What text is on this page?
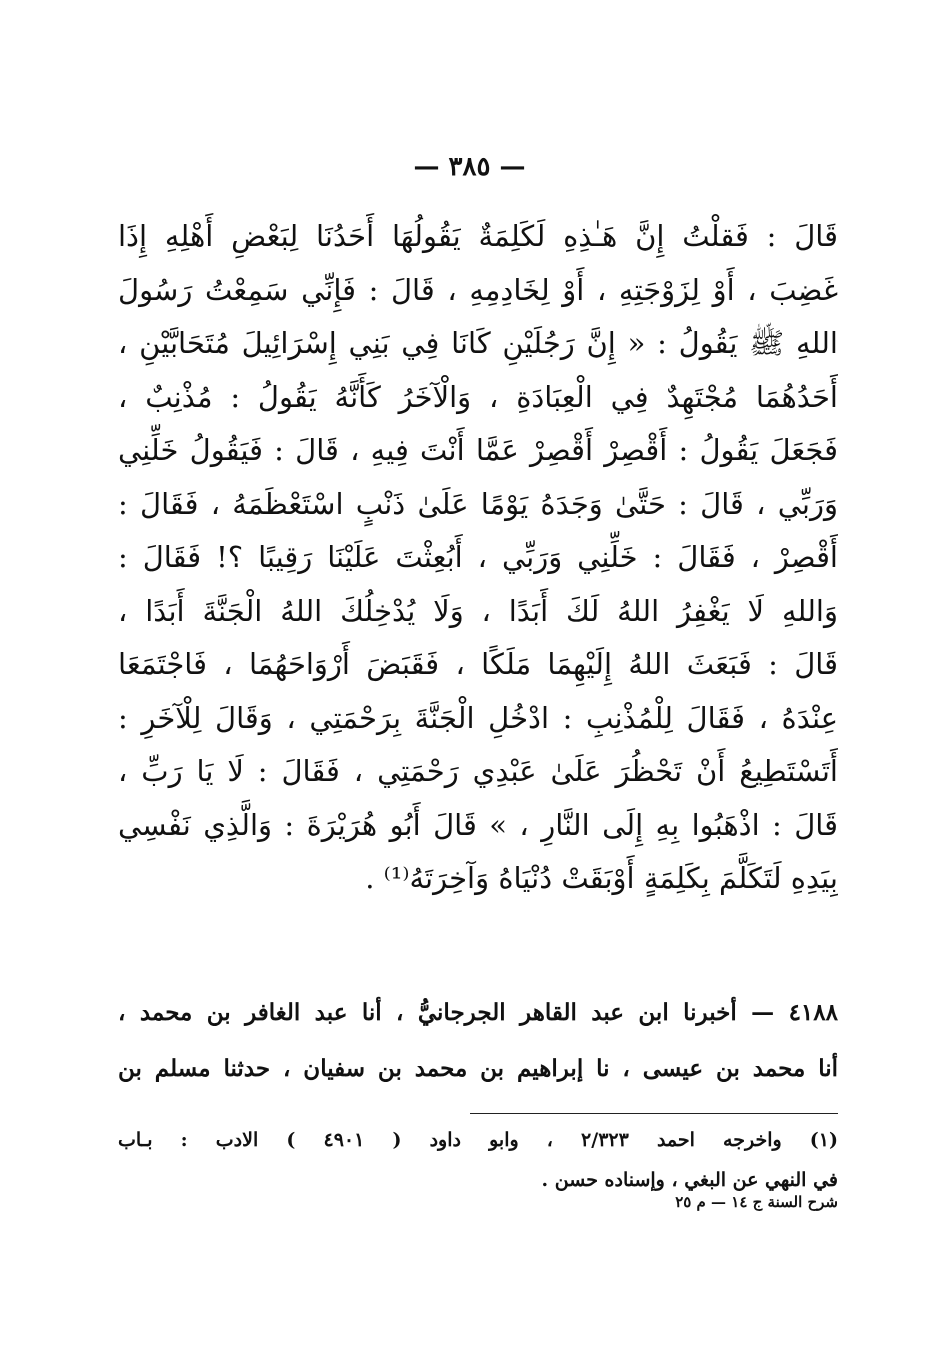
— ٣٨٥ —
قَالَ : فَقلْتُ إِنَّ هَـٰذِهِ لَكَلِمَةٌ يَقُولُهَا أَحَدُنَا لِبَعْضِ أَهْلِهِ إِذَا
غَضِبَ ، أَوْ لِزَوْجَتِهِ ، أَوْ لِخَادِمِهِ ، قَالَ : فَإِنِّي سَمِعْتُ رَسُولَ
اللهِ ﷺ يَقُولُ : « إِنَّ رَجُلَيْنِ كَانَا فِي بَنِي إِسْرَائِيلَ مُتَحَابَّيْنِ ،
أَحَدُهُمَا مُجْتَهِدٌ فِي الْعِبَادَةِ ، وَالْآخَرُ كَأَنَّهُ يَقُولُ : مُذْنِبٌ ،
فَجَعَلَ يَقُولُ : أَقْصِرْ أَقْصِرْ عَمَّا أَنْتَ فِيهِ ، قَالَ : فَيَقُولُ خَلِّنِي
وَرَبِّي ، قَالَ : حَتَّىٰ وَجَدَهُ يَوْمًا عَلَىٰ ذَنْبٍ اسْتَعْظَمَهُ ، فَقَالَ :
أَقْصِرْ ، فَقَالَ : خَلِّنِي وَرَبِّي ، أَبُعِثْتَ عَلَيْنَا رَقِيبًا ؟! فَقَالَ :
وَاللهِ لَا يَغْفِرُ اللهُ لَكَ أَبَدًا ، وَلَا يُدْخِلُكَ اللهُ الْجَنَّةَ أَبَدًا ،
قَالَ : فَبَعَثَ اللهُ إِلَيْهِمَا مَلَكًا ، فَقَبَضَ أَرْوَاحَهُمَا ، فَاجْتَمَعَا
عِنْدَهُ ، فَقَالَ لِلْمُذْنِبِ : ادْخُلِ الْجَنَّةَ بِرَحْمَتِي ، وَقَالَ لِلْآخَرِ :
أَتَسْتَطِيعُ أَنْ تَحْظُرَ عَلَىٰ عَبْدِي رَحْمَتِي ، فَقَالَ : لَا يَا رَبِّ ،
قَالَ : اذْهَبُوا بِهِ إِلَى النَّارِ ، » قَالَ أَبُو هُرَيْرَةَ : وَالَّذِي نَفْسِي
بِيَدِهِ لَتَكَلَّمَ بِكَلِمَةٍ أَوْبَقَتْ دُنْيَاهُ وَآخِرَتَهُ⁽¹⁾ .
٤١٨٨ — أخبرنا ابن عبد القاهر الجرجانيُّ ، أنا عبد الغافر بن محمد ،
أنا محمد بن عيسى ، نا إبراهيم بن محمد بن سفيان ، حدثنا مسلم بن
(١) واخرجه احمد ٢/٣٢٣ ، وابو داود ( ٤٩٠١ ) الادب : بـاب
في النهي عن البغي ، وإسناده حسن .
شرح السنة ج ١٤ — م ٢٥
